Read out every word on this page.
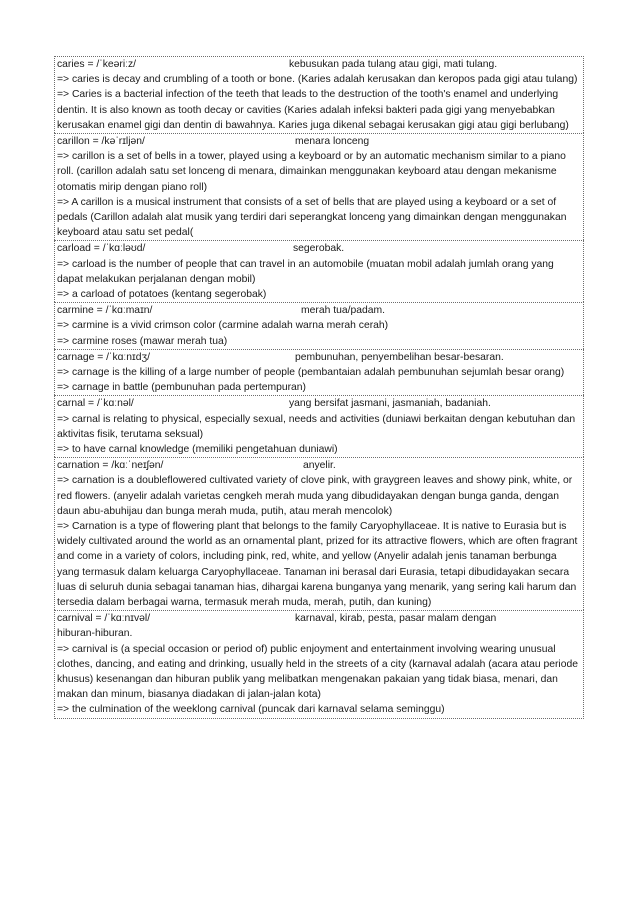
caries = /ˈkeəriːz/	kebusukan pada tulang atau gigi, mati tulang.

=> caries is decay and crumbling of a tooth or bone. (Karies adalah kerusakan dan keropos pada gigi atau tulang)

=> Caries is a bacterial infection of the teeth that leads to the destruction of the tooth's enamel and underlying dentin. It is also known as tooth decay or cavities (Karies adalah infeksi bakteri pada gigi yang menyebabkan kerusakan enamel gigi dan dentin di bawahnya. Karies juga dikenal sebagai kerusakan gigi atau gigi berlubang)

carillon = /kəˈrɪljən/	menara lonceng

=> carillon is a set of bells in a tower, played using a keyboard or by an automatic mechanism similar to a piano roll. (carillon adalah satu set lonceng di menara, dimainkan menggunakan keyboard atau dengan mekanisme otomatis mirip dengan piano roll)

=> A carillon is a musical instrument that consists of a set of bells that are played using a keyboard or a set of pedals (Carillon adalah alat musik yang terdiri dari seperangkat lonceng yang dimainkan dengan menggunakan keyboard atau satu set pedal(

carload = /ˈkɑːləʊd/	segerobak.

=> carload is the number of people that can travel in an automobile (muatan mobil adalah jumlah orang yang dapat melakukan perjalanan dengan mobil)

=> a carload of potatoes (kentang segerobak)

carmine = /ˈkɑːmaɪn/	merah tua/padam.

=> carmine is a vivid crimson color (carmine adalah warna merah cerah)

=> carmine roses (mawar merah tua)

carnage = /ˈkɑːnɪdʒ/	pembunuhan, penyembelihan besar-besaran.

=> carnage is the killing of a large number of people (pembantaian adalah pembunuhan sejumlah besar orang)

=> carnage in battle (pembunuhan pada pertempuran)

carnal = /ˈkɑːnəl/	yang bersifat jasmani, jasmaniah, badaniah.

=> carnal is relating to physical, especially sexual, needs and activities (duniawi berkaitan dengan kebutuhan dan aktivitas fisik, terutama seksual)

=> to have carnal knowledge (memiliki pengetahuan duniawi)

carnation = /kɑːˈneɪʃən/	anyelir.

=> carnation is a doubleflowered cultivated variety of clove pink, with graygreen leaves and showy pink, white, or red flowers. (anyelir adalah varietas cengkeh merah muda yang dibudidayakan dengan bunga ganda, dengan daun abu-abuhijau dan bunga merah muda, putih, atau merah mencolok)

=> Carnation is a type of flowering plant that belongs to the family Caryophyllaceae. It is native to Eurasia but is widely cultivated around the world as an ornamental plant, prized for its attractive flowers, which are often fragrant and come in a variety of colors, including pink, red, white, and yellow (Anyelir adalah jenis tanaman berbunga yang termasuk dalam keluarga Caryophyllaceae. Tanaman ini berasal dari Eurasia, tetapi dibudidayakan secara luas di seluruh dunia sebagai tanaman hias, dihargai karena bunganya yang menarik, yang sering kali harum dan tersedia dalam berbagai warna, termasuk merah muda, merah, putih, dan kuning)

carnival = /ˈkɑːnɪvəl/	karnaval, kirab, pesta, pasar malam dengan

hiburan-hiburan.

=> carnival is (a special occasion or period of) public enjoyment and entertainment involving wearing unusual clothes, dancing, and eating and drinking, usually held in the streets of a city (karnaval adalah (acara atau periode khusus) kesenangan dan hiburan publik yang melibatkan mengenakan pakaian yang tidak biasa, menari, dan makan dan minum, biasanya diadakan di jalan-jalan kota)

=> the culmination of the weeklong carnival (puncak dari karnaval selama seminggu)
